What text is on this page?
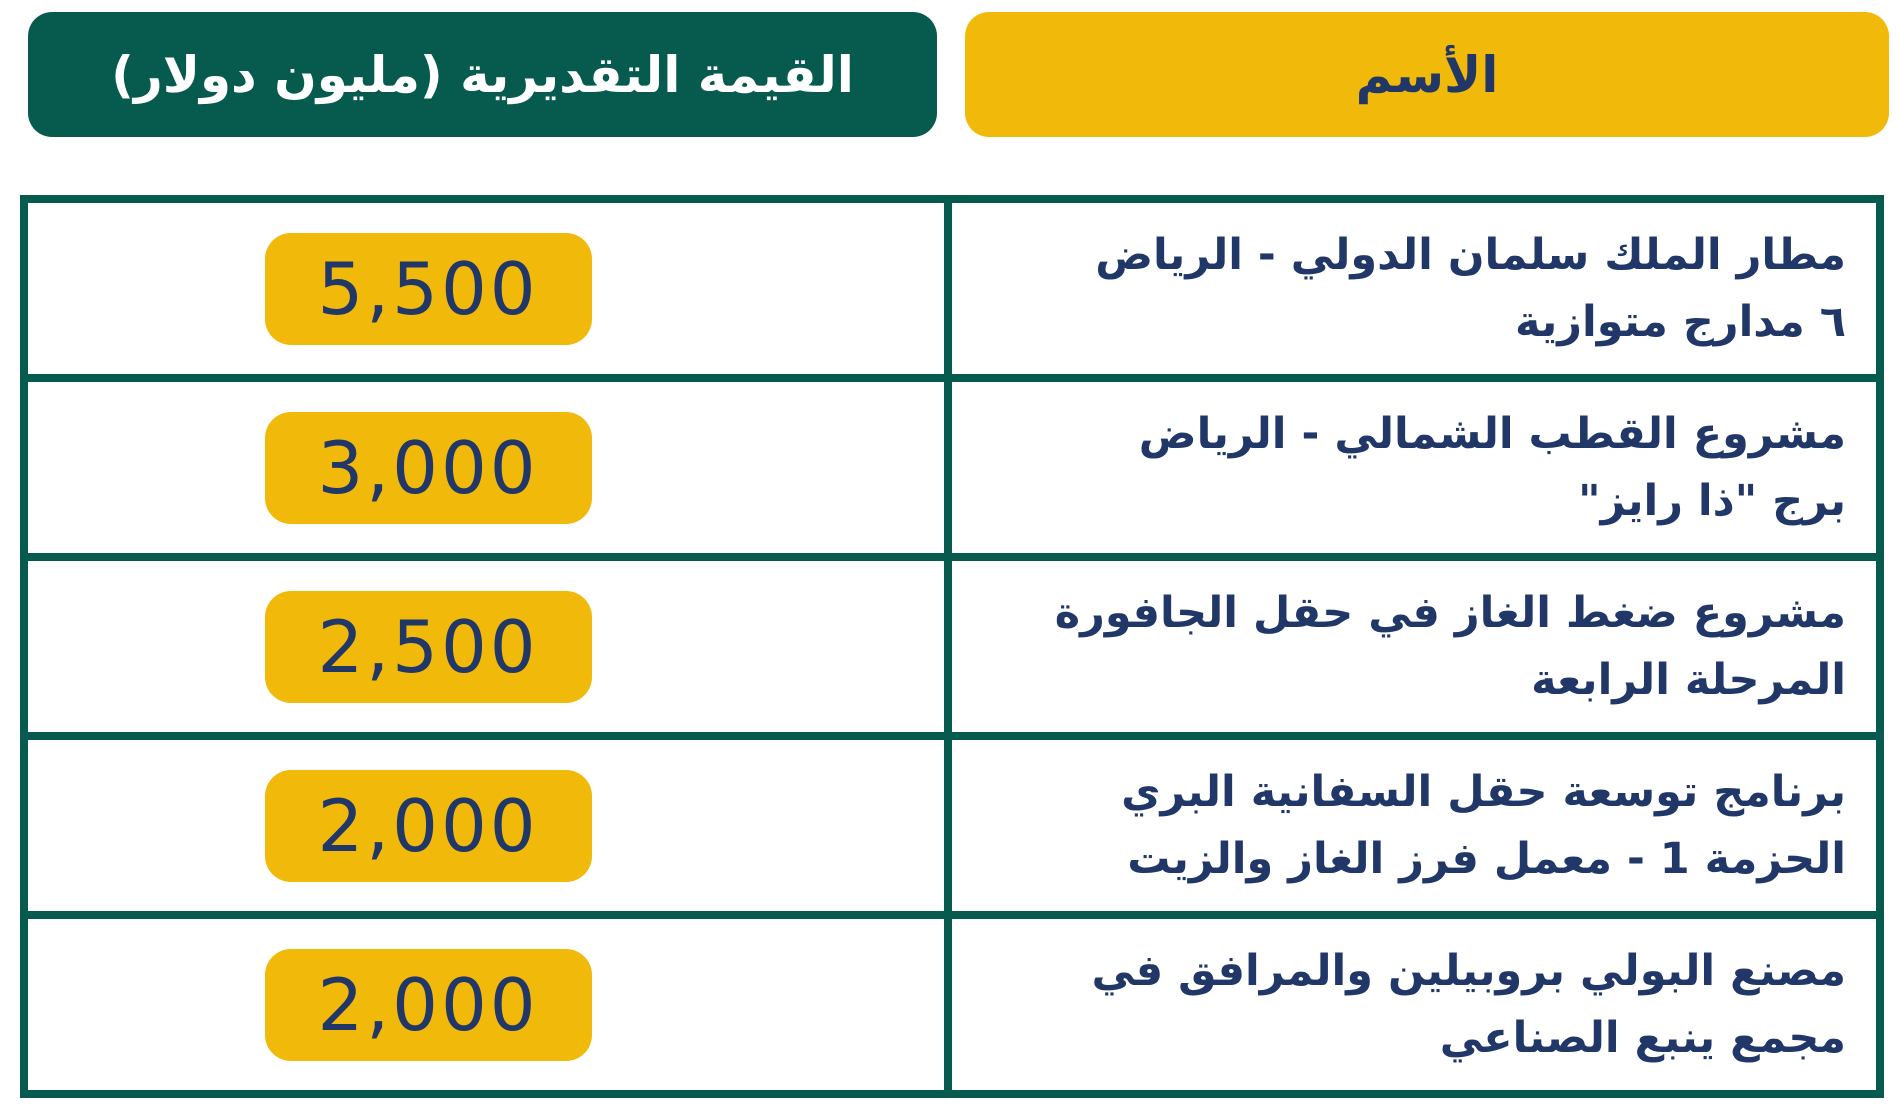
القيمة التقديرية (مليون دولار)	الأسم
5,500	مطار الملك سلمان الدولي - الرياض
٦ مدارج متوازية
3,000	مشروع القطب الشمالي - الرياض
برج "ذا رايز"
2,500	مشروع ضغط الغاز في حقل الجافورة
المرحلة الرابعة
2,000	برنامج توسعة حقل السفانية البري
الحزمة 1 - معمل فرز الغاز والزيت
2,000	مصنع البولي بروبيلين والمرافق في
مجمع ينبع الصناعي
